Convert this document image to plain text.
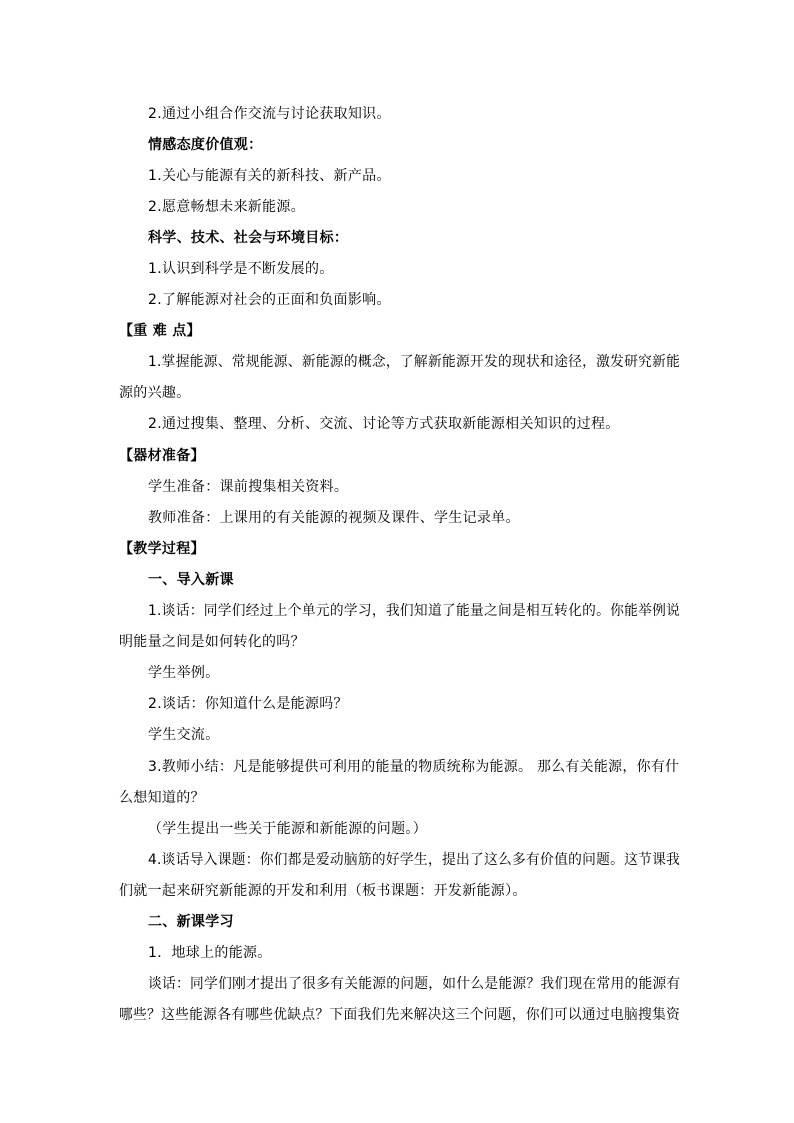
2.通过小组合作交流与讨论获取知识。
情感态度价值观：
1.关心与能源有关的新科技、新产品。
2.愿意畅想未来新能源。
科学、技术、社会与环境目标：
1.认识到科学是不断发展的。
2.了解能源对社会的正面和负面影响。
【重 难 点】
1.掌握能源、常规能源、新能源的概念，了解新能源开发的现状和途径，激发研究新能
源的兴趣。
2.通过搜集、整理、分析、交流、讨论等方式获取新能源相关知识的过程。
【器材准备】
学生准备：课前搜集相关资料。
教师准备：上课用的有关能源的视频及课件、学生记录单。
【教学过程】
一、导入新课
1.谈话：同学们经过上个单元的学习，我们知道了能量之间是相互转化的。你能举例说
明能量之间是如何转化的吗？
学生举例。
2.谈话：你知道什么是能源吗？
学生交流。
3.教师小结：凡是能够提供可利用的能量的物质统称为能源。 那么有关能源，你有什
么想知道的？
（学生提出一些关于能源和新能源的问题。）
4.谈话导入课题：你们都是爱动脑筋的好学生，提出了这么多有价值的问题。这节课我
们就一起来研究新能源的开发和利用（板书课题：开发新能源）。
二、新课学习
1．地球上的能源。
谈话：同学们刚才提出了很多有关能源的问题，如什么是能源？我们现在常用的能源有
哪些？这些能源各有哪些优缺点？下面我们先来解决这三个问题，你们可以通过电脑搜集资
